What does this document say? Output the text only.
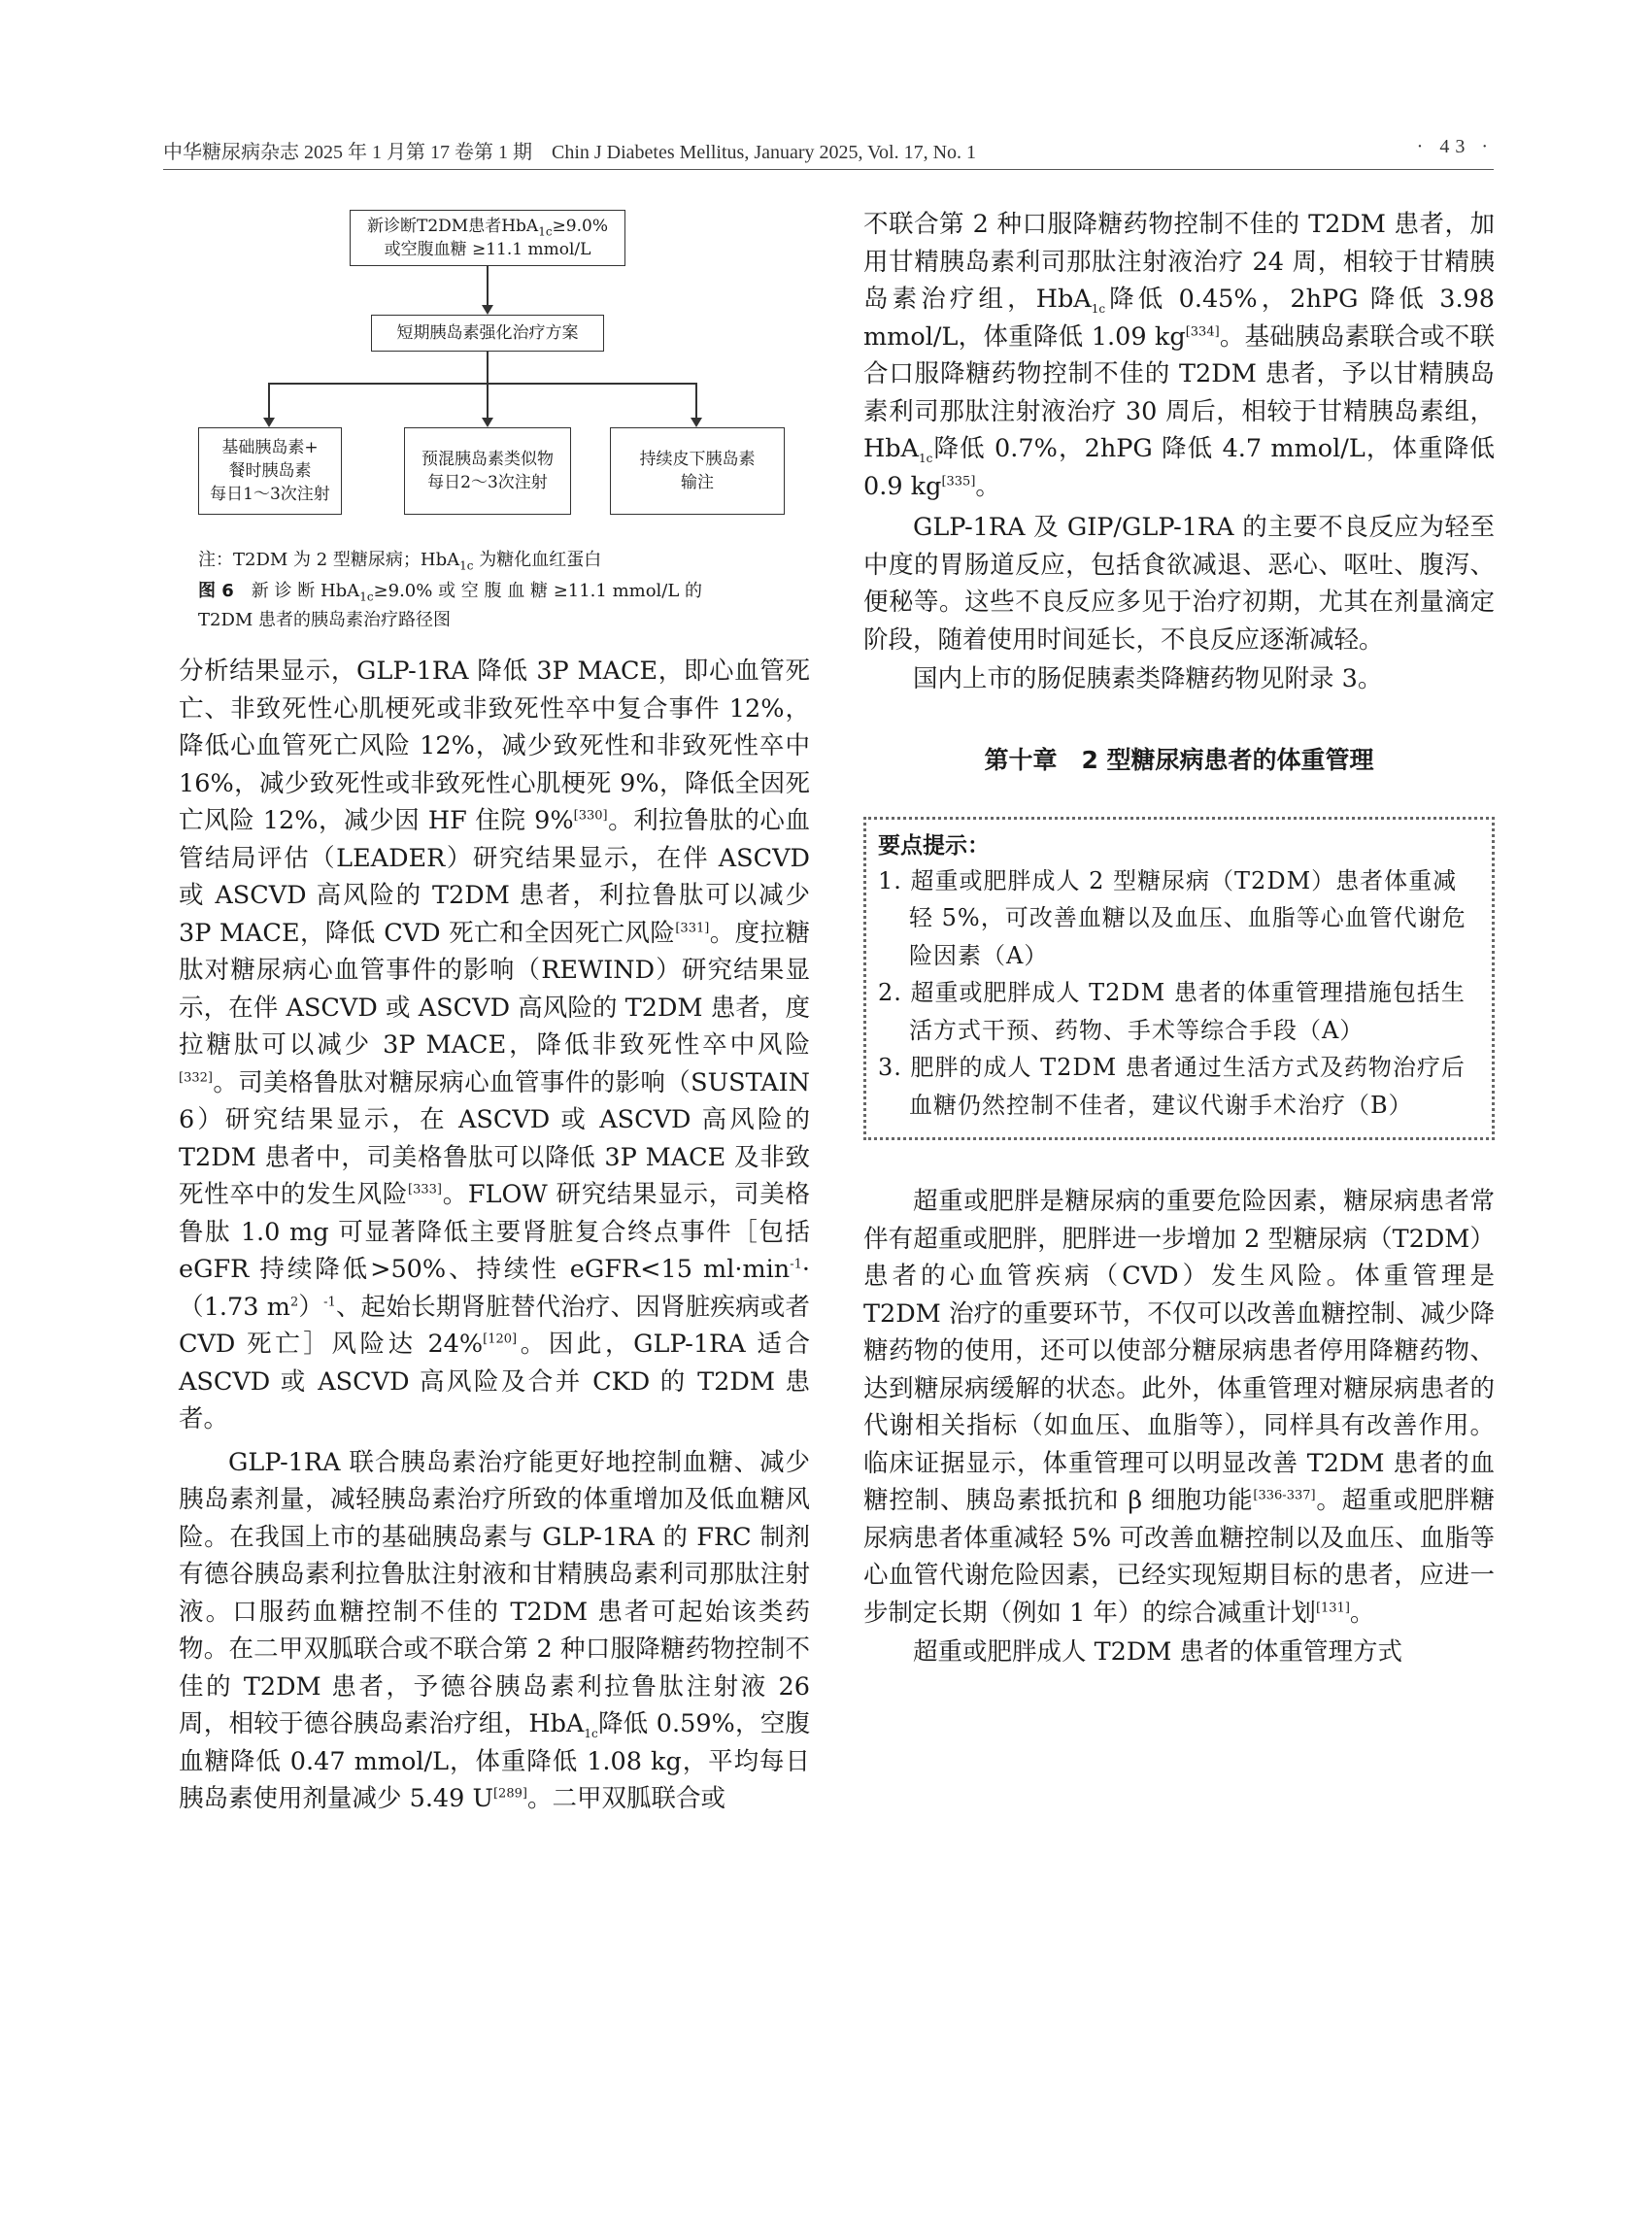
中华糖尿病杂志 2025 年 1 月第 17 卷第 1 期　Chin J Diabetes Mellitus, January 2025, Vol. 17, No. 1	· 43 ·
新诊断T2DM患者HbA$_{1c}$≥9.0%
或空腹血糖 ≥11.1 mmol/L
短期胰岛素强化治疗方案
基础胰岛素+
餐时胰岛素
每日1～3次注射
预混胰岛素类似物
每日2～3次注射
持续皮下胰岛素
输注
注：T2DM 为 2 型糖尿病；HbA$_{1c}$ 为糖化血红蛋白
图 6　 新 诊 断 HbA$_{1c}$≥9.0% 或 空 腹 血 糖 ≥11.1 mmol/L 的
T2DM 患者的胰岛素治疗路径图

分析结果显示，GLP-1RA 降低 3P MACE，即心血管死亡、非致死性心肌梗死或非致死性卒中复合事件 12%，降低心血管死亡风险 12%，减少致死性和非致死性卒中 16%，减少致死性或非致死性心肌梗死 9%，降低全因死亡风险 12%，减少因 HF 住院 9%[330]。利拉鲁肽的心血管结局评估（LEADER）研究结果显示，在伴 ASCVD 或 ASCVD 高风险的 T2DM 患者，利拉鲁肽可以减少 3P MACE，降低 CVD 死亡和全因死亡风险[331]。度拉糖肽对糖尿病心血管事件的影响（REWIND）研究结果显示，在伴 ASCVD 或 ASCVD 高风险的 T2DM 患者，度拉糖肽可以减少 3P MACE，降低非致死性卒中风险[332]。司美格鲁肽对糖尿病心血管事件的影响（SUSTAIN 6）研究结果显示，在 ASCVD 或 ASCVD 高风险的 T2DM 患者中，司美格鲁肽可以降低 3P MACE 及非致死性卒中的发生风险[333]。FLOW 研究结果显示，司美格鲁肽 1.0 mg 可显著降低主要肾脏复合终点事件［包括 eGFR 持续降低>50%、持续性 eGFR<15 $ml\cdot\min^{-1}\cdot(1.73$ $m^2)^{-1}$、起始长期肾脏替代治疗、因肾脏疾病或者 CVD 死亡］风险达 24%[120]。因此，GLP-1RA 适合 ASCVD 或 ASCVD 高风险及合并 CKD 的 T2DM 患者。

GLP-1RA 联合胰岛素治疗能更好地控制血糖、减少胰岛素剂量，减轻胰岛素治疗所致的体重增加及低血糖风险。在我国上市的基础胰岛素与 GLP-1RA 的 FRC 制剂有德谷胰岛素利拉鲁肽注射液和甘精胰岛素利司那肽注射液。口服药血糖控制不佳的 T2DM 患者可起始该类药物。在二甲双胍联合或不联合第 2 种口服降糖药物控制不佳的 T2DM 患者，予德谷胰岛素利拉鲁肽注射液 26 周，相较于德谷胰岛素治疗组，HbA$_{1c}$降低 0.59%，空腹血糖降低 0.47 mmol/L，体重降低 1.08 kg，平均每日胰岛素使用剂量减少 5.49 U[289]。二甲双胍联合或

不联合第 2 种口服降糖药物控制不佳的 T2DM 患者，加用甘精胰岛素利司那肽注射液治疗 24 周，相较于甘精胰岛素治疗组，HbA$_{1c}$降低 0.45%，2hPG 降低 3.98 mmol/L，体重降低 1.09 kg[334]。基础胰岛素联合或不联合口服降糖药物控制不佳的 T2DM 患者，予以甘精胰岛素利司那肽注射液治疗 30 周后，相较于甘精胰岛素组，HbA$_{1c}$降低 0.7%，2hPG 降低 4.7 mmol/L，体重降低 0.9 kg[335]。

GLP-1RA 及 GIP/GLP-1RA 的主要不良反应为轻至中度的胃肠道反应，包括食欲减退、恶心、呕吐、腹泻、便秘等。这些不良反应多见于治疗初期，尤其在剂量滴定阶段，随着使用时间延长，不良反应逐渐减轻。

国内上市的肠促胰素类降糖药物见附录 3。

第十章　2 型糖尿病患者的体重管理
要点提示：

1. 超重或肥胖成人 2 型糖尿病（T2DM）患者体重减轻 5%，可改善血糖以及血压、血脂等心血管代谢危险因素（A）

2. 超重或肥胖成人 T2DM 患者的体重管理措施包括生活方式干预、药物、手术等综合手段（A）

3. 肥胖的成人 T2DM 患者通过生活方式及药物治疗后血糖仍然控制不佳者，建议代谢手术治疗（B）

超重或肥胖是糖尿病的重要危险因素，糖尿病患者常伴有超重或肥胖，肥胖进一步增加 2 型糖尿病（T2DM）患者的心血管疾病（CVD）发生风险。体重管理是 T2DM 治疗的重要环节，不仅可以改善血糖控制、减少降糖药物的使用，还可以使部分糖尿病患者停用降糖药物、达到糖尿病缓解的状态。此外，体重管理对糖尿病患者的代谢相关指标（如血压、血脂等），同样具有改善作用。临床证据显示，体重管理可以明显改善 T2DM 患者的血糖控制、胰岛素抵抗和 β 细胞功能[336-337]。超重或肥胖糖尿病患者体重减轻 5% 可改善血糖控制以及血压、血脂等心血管代谢危险因素，已经实现短期目标的患者，应进一步制定长期（例如 1 年）的综合减重计划[131]。

超重或肥胖成人 T2DM 患者的体重管理方式
